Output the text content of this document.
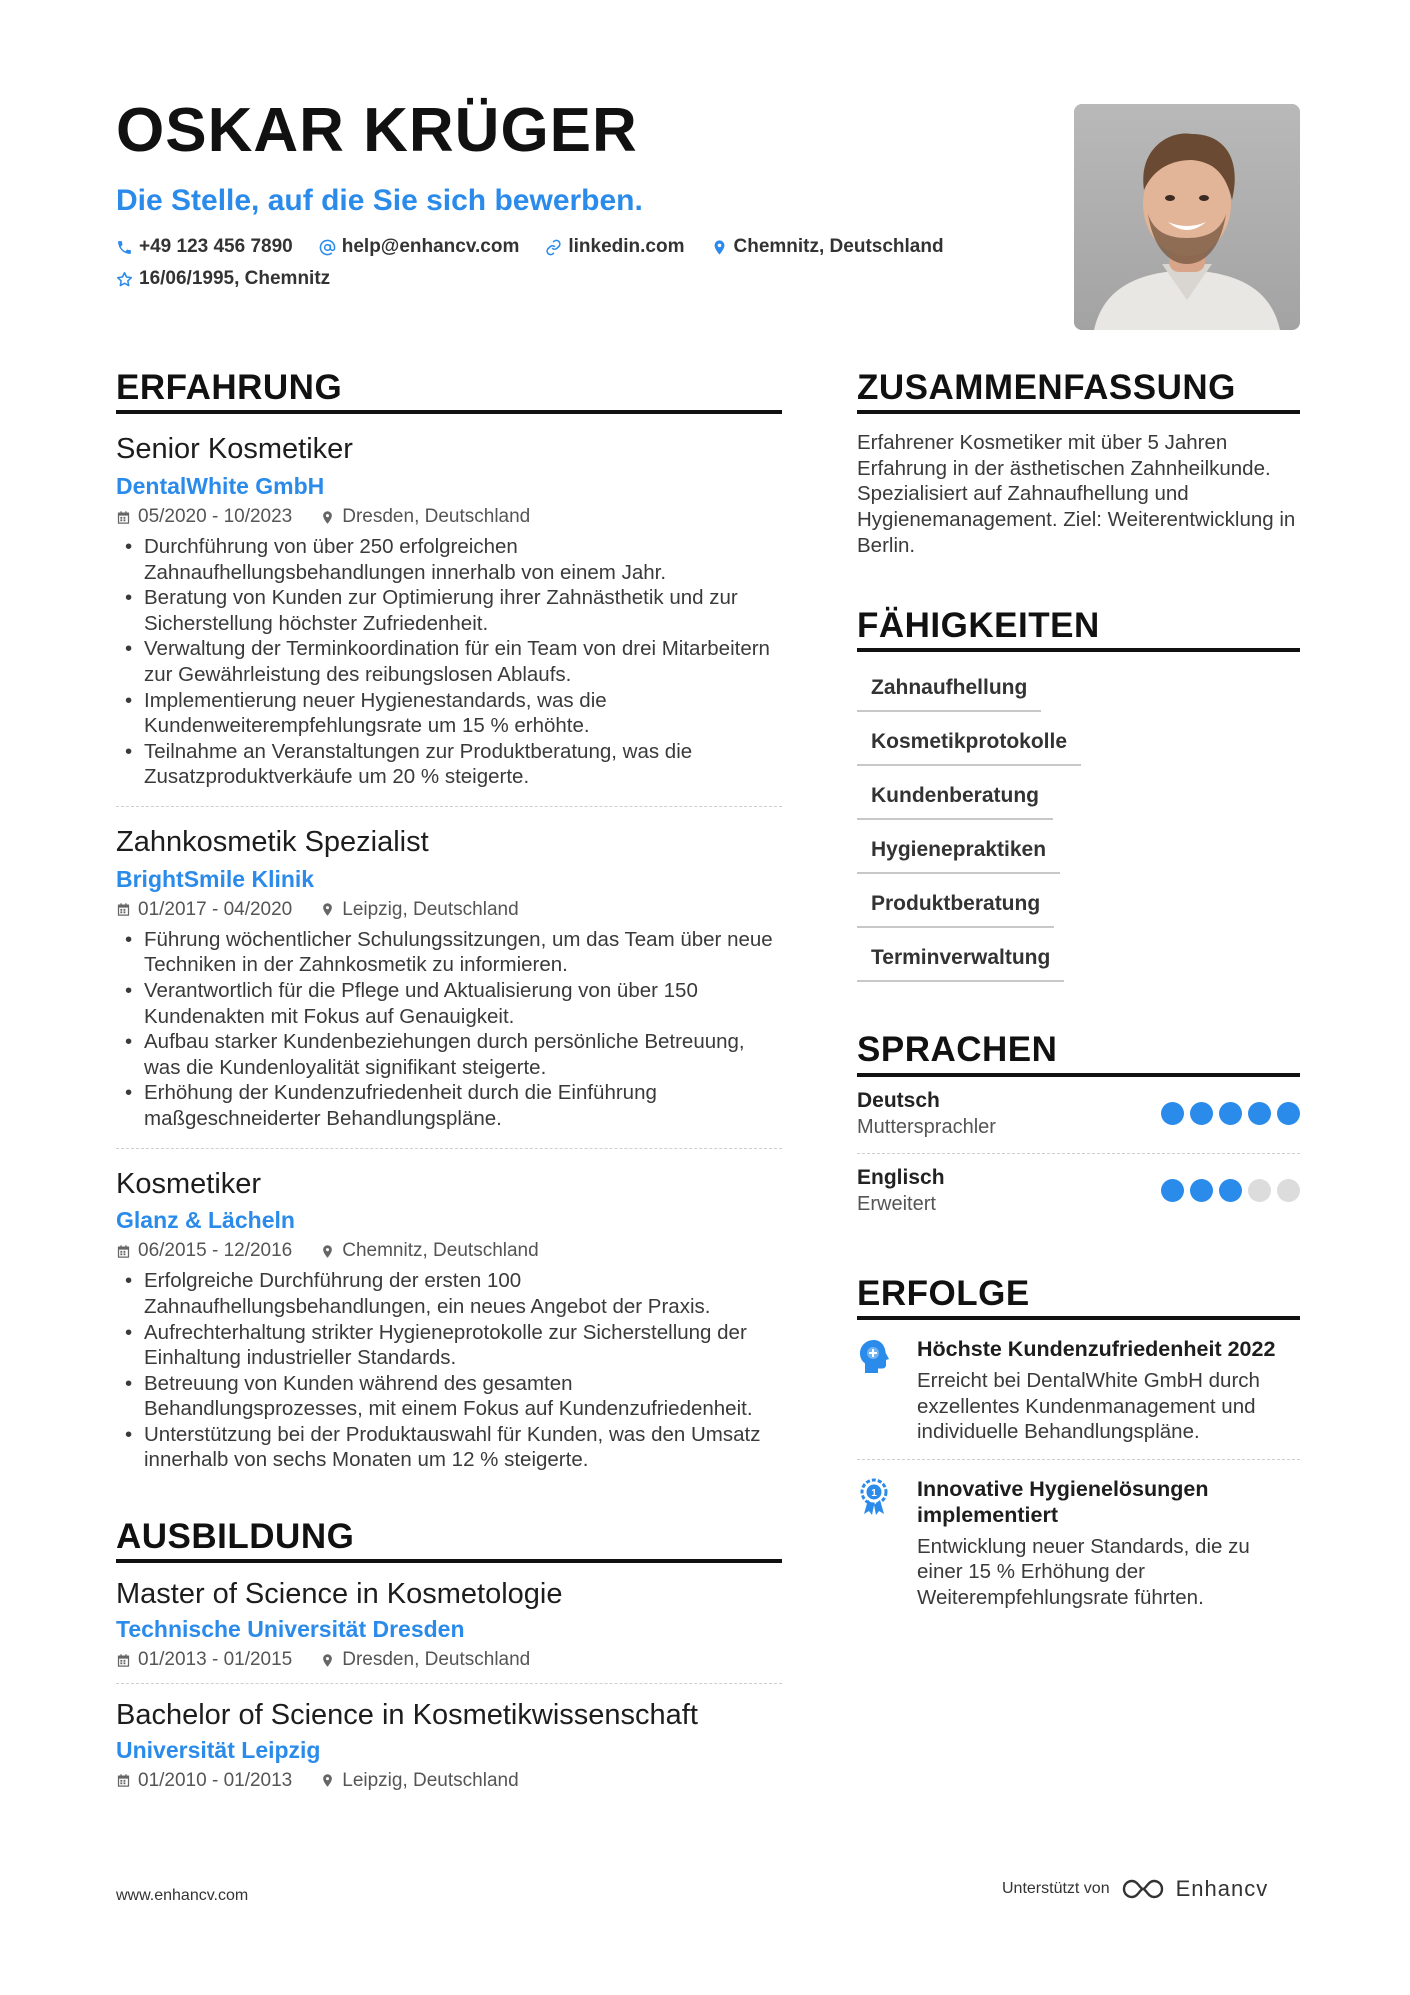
OSKAR KRÜGER
Die Stelle, auf die Sie sich bewerben.
+49 123 456 7890	help@enhancv.com	linkedin.com	Chemnitz, Deutschland
16/06/1995, Chemnitz
ERFAHRUNG
Senior Kosmetiker
DentalWhite GmbH
05/2020 - 10/2023	Dresden, Deutschland
• Durchführung von über 250 erfolgreichen Zahnaufhellungsbehandlungen innerhalb von einem Jahr.
• Beratung von Kunden zur Optimierung ihrer Zahnästhetik und zur Sicherstellung höchster Zufriedenheit.
• Verwaltung der Terminkoordination für ein Team von drei Mitarbeitern zur Gewährleistung des reibungslosen Ablaufs.
• Implementierung neuer Hygienestandards, was die Kundenweiterempfehlungsrate um 15 % erhöhte.
• Teilnahme an Veranstaltungen zur Produktberatung, was die Zusatzproduktverkäufe um 20 % steigerte.
Zahnkosmetik Spezialist
BrightSmile Klinik
01/2017 - 04/2020	Leipzig, Deutschland
• Führung wöchentlicher Schulungssitzungen, um das Team über neue Techniken in der Zahnkosmetik zu informieren.
• Verantwortlich für die Pflege und Aktualisierung von über 150 Kundenakten mit Fokus auf Genauigkeit.
• Aufbau starker Kundenbeziehungen durch persönliche Betreuung, was die Kundenloyalität signifikant steigerte.
• Erhöhung der Kundenzufriedenheit durch die Einführung maßgeschneiderter Behandlungspläne.
Kosmetiker
Glanz & Lächeln
06/2015 - 12/2016	Chemnitz, Deutschland
• Erfolgreiche Durchführung der ersten 100 Zahnaufhellungsbehandlungen, ein neues Angebot der Praxis.
• Aufrechterhaltung strikter Hygieneprotokolle zur Sicherstellung der Einhaltung industrieller Standards.
• Betreuung von Kunden während des gesamten Behandlungsprozesses, mit einem Fokus auf Kundenzufriedenheit.
• Unterstützung bei der Produktauswahl für Kunden, was den Umsatz innerhalb von sechs Monaten um 12 % steigerte.
AUSBILDUNG
Master of Science in Kosmetologie
Technische Universität Dresden
01/2013 - 01/2015	Dresden, Deutschland
Bachelor of Science in Kosmetikwissenschaft
Universität Leipzig
01/2010 - 01/2013	Leipzig, Deutschland
ZUSAMMENFASSUNG
Erfahrener Kosmetiker mit über 5 Jahren Erfahrung in der ästhetischen Zahnheilkunde. Spezialisiert auf Zahnaufhellung und Hygienemanagement. Ziel: Weiterentwicklung in Berlin.
FÄHIGKEITEN
Zahnaufhellung
Kosmetikprotokolle
Kundenberatung
Hygienepraktiken
Produktberatung
Terminverwaltung
SPRACHEN
Deutsch
Muttersprachler
Englisch
Erweitert
ERFOLGE
Höchste Kundenzufriedenheit 2022
Erreicht bei DentalWhite GmbH durch exzellentes Kundenmanagement und individuelle Behandlungspläne.
1 Innovative Hygienelösungen implementiert
Entwicklung neuer Standards, die zu einer 15 % Erhöhung der Weiterempfehlungsrate führten.
www.enhancv.com	Unterstützt von	Enhancv
